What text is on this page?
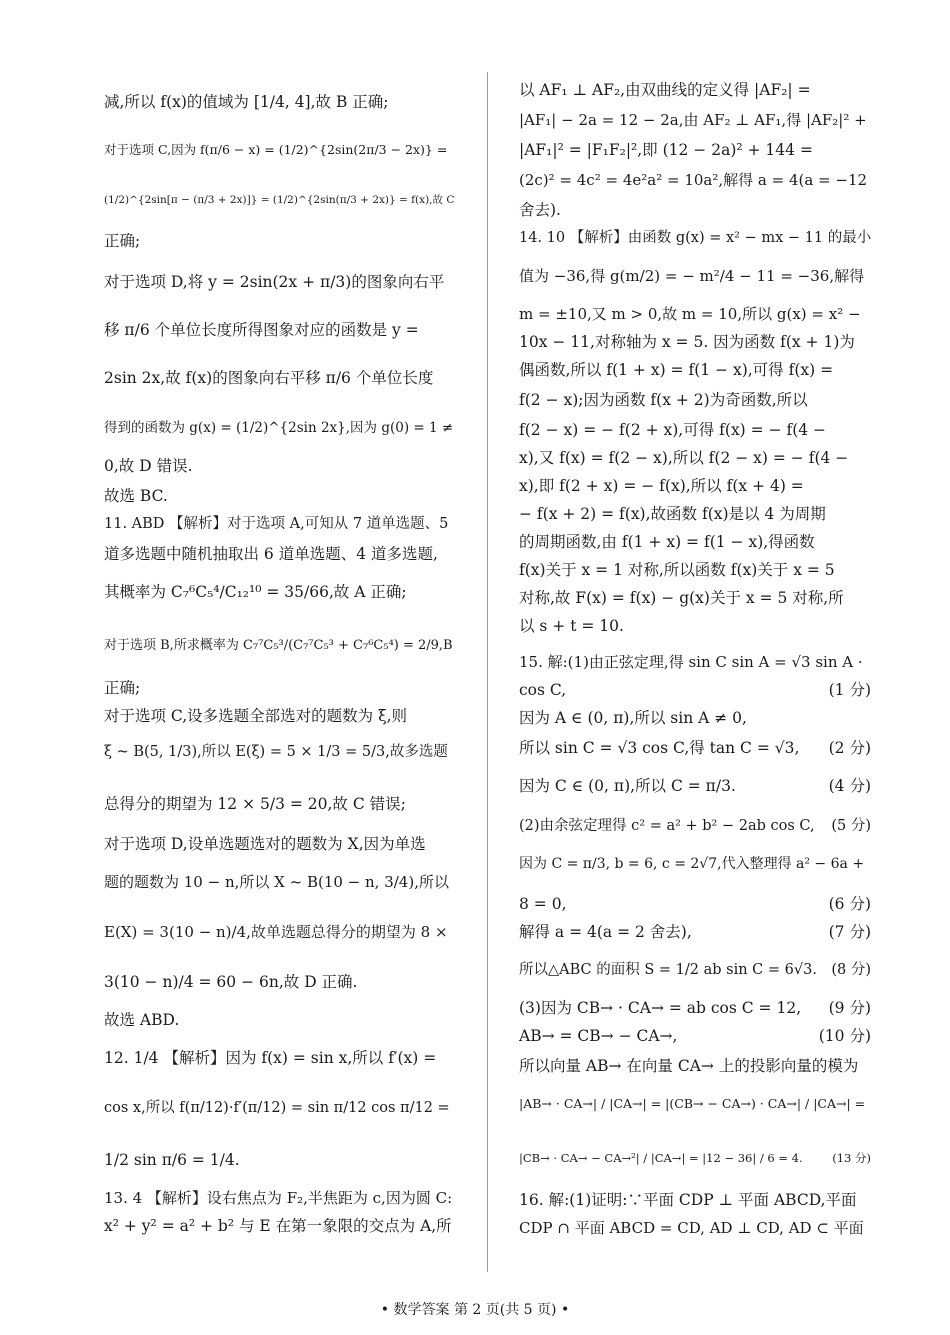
减,所以 f(x)的值域为 [1/4, 4],故 B 正确;
对于选项 C,因为 f(π/6 − x) = (1/2)^{2sin(2π/3 − 2x)} =
(1/2)^{2sin[π − (π/3 + 2x)]} = (1/2)^{2sin(π/3 + 2x)} = f(x),故 C
正确;
对于选项 D,将 y = 2sin(2x + π/3)的图象向右平
移 π/6 个单位长度所得图象对应的函数是 y =
2sin 2x,故 f(x)的图象向右平移 π/6 个单位长度
得到的函数为 g(x) = (1/2)^{2sin 2x},因为 g(0) = 1 ≠
0,故 D 错误.
故选 BC.
11. ABD 【解析】对于选项 A,可知从 7 道单选题、5
道多选题中随机抽取出 6 道单选题、4 道多选题,
其概率为 C₇⁶C₅⁴/C₁₂¹⁰ = 35/66,故 A 正确;
对于选项 B,所求概率为 C₇⁷C₅³/(C₇⁷C₅³ + C₇⁶C₅⁴) = 2/9,B
正确;
对于选项 C,设多选题全部选对的题数为 ξ,则
ξ ~ B(5, 1/3),所以 E(ξ) = 5 × 1/3 = 5/3,故多选题
总得分的期望为 12 × 5/3 = 20,故 C 错误;
对于选项 D,设单选题选对的题数为 X,因为单选
题的题数为 10 − n,所以 X ~ B(10 − n, 3/4),所以
E(X) = 3(10 − n)/4,故单选题总得分的期望为 8 ×
3(10 − n)/4 = 60 − 6n,故 D 正确.
故选 ABD.
12. 1/4 【解析】因为 f(x) = sin x,所以 f′(x) =
cos x,所以 f(π/12)·f′(π/12) = sin π/12 cos π/12 =
1/2 sin π/6 = 1/4.
13. 4 【解析】设右焦点为 F₂,半焦距为 c,因为圆 C:
x² + y² = a² + b² 与 E 在第一象限的交点为 A,所
以 AF₁ ⊥ AF₂,由双曲线的定义得 |AF₂| =
|AF₁| − 2a = 12 − 2a,由 AF₂ ⊥ AF₁,得 |AF₂|² +
|AF₁|² = |F₁F₂|²,即 (12 − 2a)² + 144 =
(2c)² = 4c² = 4e²a² = 10a²,解得 a = 4(a = −12
舍去).
14. 10 【解析】由函数 g(x) = x² − mx − 11 的最小
值为 −36,得 g(m/2) = − m²/4 − 11 = −36,解得
m = ±10,又 m > 0,故 m = 10,所以 g(x) = x² −
10x − 11,对称轴为 x = 5. 因为函数 f(x + 1)为
偶函数,所以 f(1 + x) = f(1 − x),可得 f(x) =
f(2 − x);因为函数 f(x + 2)为奇函数,所以
f(2 − x) = − f(2 + x),可得 f(x) = − f(4 −
x),又 f(x) = f(2 − x),所以 f(2 − x) = − f(4 −
x),即 f(2 + x) = − f(x),所以 f(x + 4) =
− f(x + 2) = f(x),故函数 f(x)是以 4 为周期
的周期函数,由 f(1 + x) = f(1 − x),得函数
f(x)关于 x = 1 对称,所以函数 f(x)关于 x = 5
对称,故 F(x) = f(x) − g(x)关于 x = 5 对称,所
以 s + t = 10.
15. 解:(1)由正弦定理,得 sin C sin A = √3 sin A ·
cos C,	(1 分)
因为 A ∈ (0, π),所以 sin A ≠ 0,
所以 sin C = √3 cos C,得 tan C = √3, (2 分)
因为 C ∈ (0, π),所以 C = π/3.	(4 分)
(2)由余弦定理得 c² = a² + b² − 2ab cos C, (5 分)
因为 C = π/3, b = 6, c = 2√7,代入整理得 a² − 6a +
8 = 0,	(6 分)
解得 a = 4(a = 2 舍去),	(7 分)
所以△ABC 的面积 S = 1/2 ab sin C = 6√3. (8 分)
(3)因为 CB→ · CA→ = ab cos C = 12, (9 分)
AB→ = CB→ − CA→,	(10 分)
所以向量 AB→ 在向量 CA→ 上的投影向量的模为
|AB→ · CA→| / |CA→| = |(CB→ − CA→) · CA→| / |CA→| =
|CB→ · CA→ − CA→²| / |CA→| = |12 − 36| / 6 = 4.	(13 分)
16. 解:(1)证明:∵平面 CDP ⊥ 平面 ABCD,平面
CDP ∩ 平面 ABCD = CD, AD ⊥ CD, AD ⊂ 平面
• 数学答案 第 2 页(共 5 页) •
